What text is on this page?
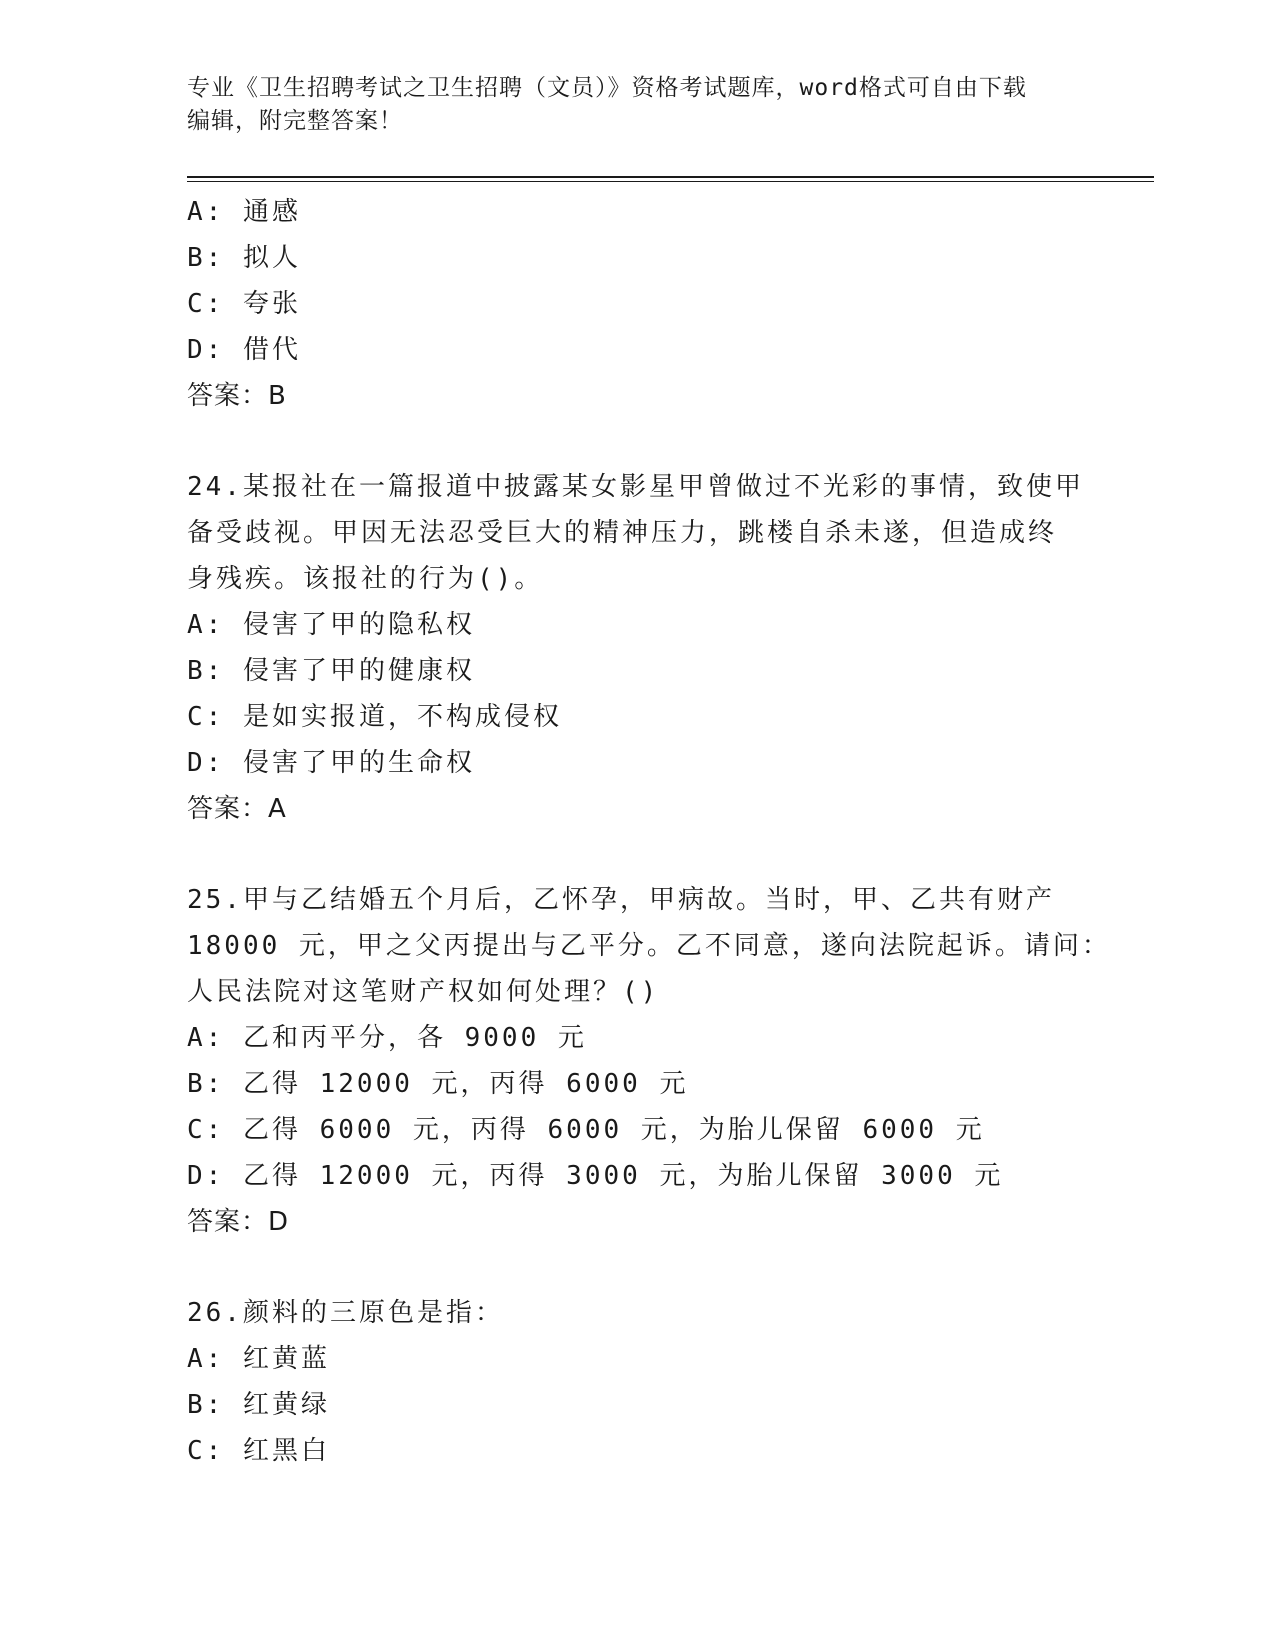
专业《卫生招聘考试之卫生招聘（文员）》资格考试题库，word格式可自由下载
编辑，附完整答案！
A: 通感
B: 拟人
C: 夸张
D: 借代
答案：B
24.某报社在一篇报道中披露某女影星甲曾做过不光彩的事情，致使甲
备受歧视。甲因无法忍受巨大的精神压力，跳楼自杀未遂，但造成终
身残疾。该报社的行为()。
A: 侵害了甲的隐私权
B: 侵害了甲的健康权
C: 是如实报道，不构成侵权
D: 侵害了甲的生命权
答案：A
25.甲与乙结婚五个月后，乙怀孕，甲病故。当时，甲、乙共有财产
18000 元，甲之父丙提出与乙平分。乙不同意，遂向法院起诉。请问：
人民法院对这笔财产权如何处理？()
A: 乙和丙平分，各 9000 元
B: 乙得 12000 元，丙得 6000 元
C: 乙得 6000 元，丙得 6000 元，为胎儿保留 6000 元
D: 乙得 12000 元，丙得 3000 元，为胎儿保留 3000 元
答案：D
26.颜料的三原色是指：
A: 红黄蓝
B: 红黄绿
C: 红黑白
